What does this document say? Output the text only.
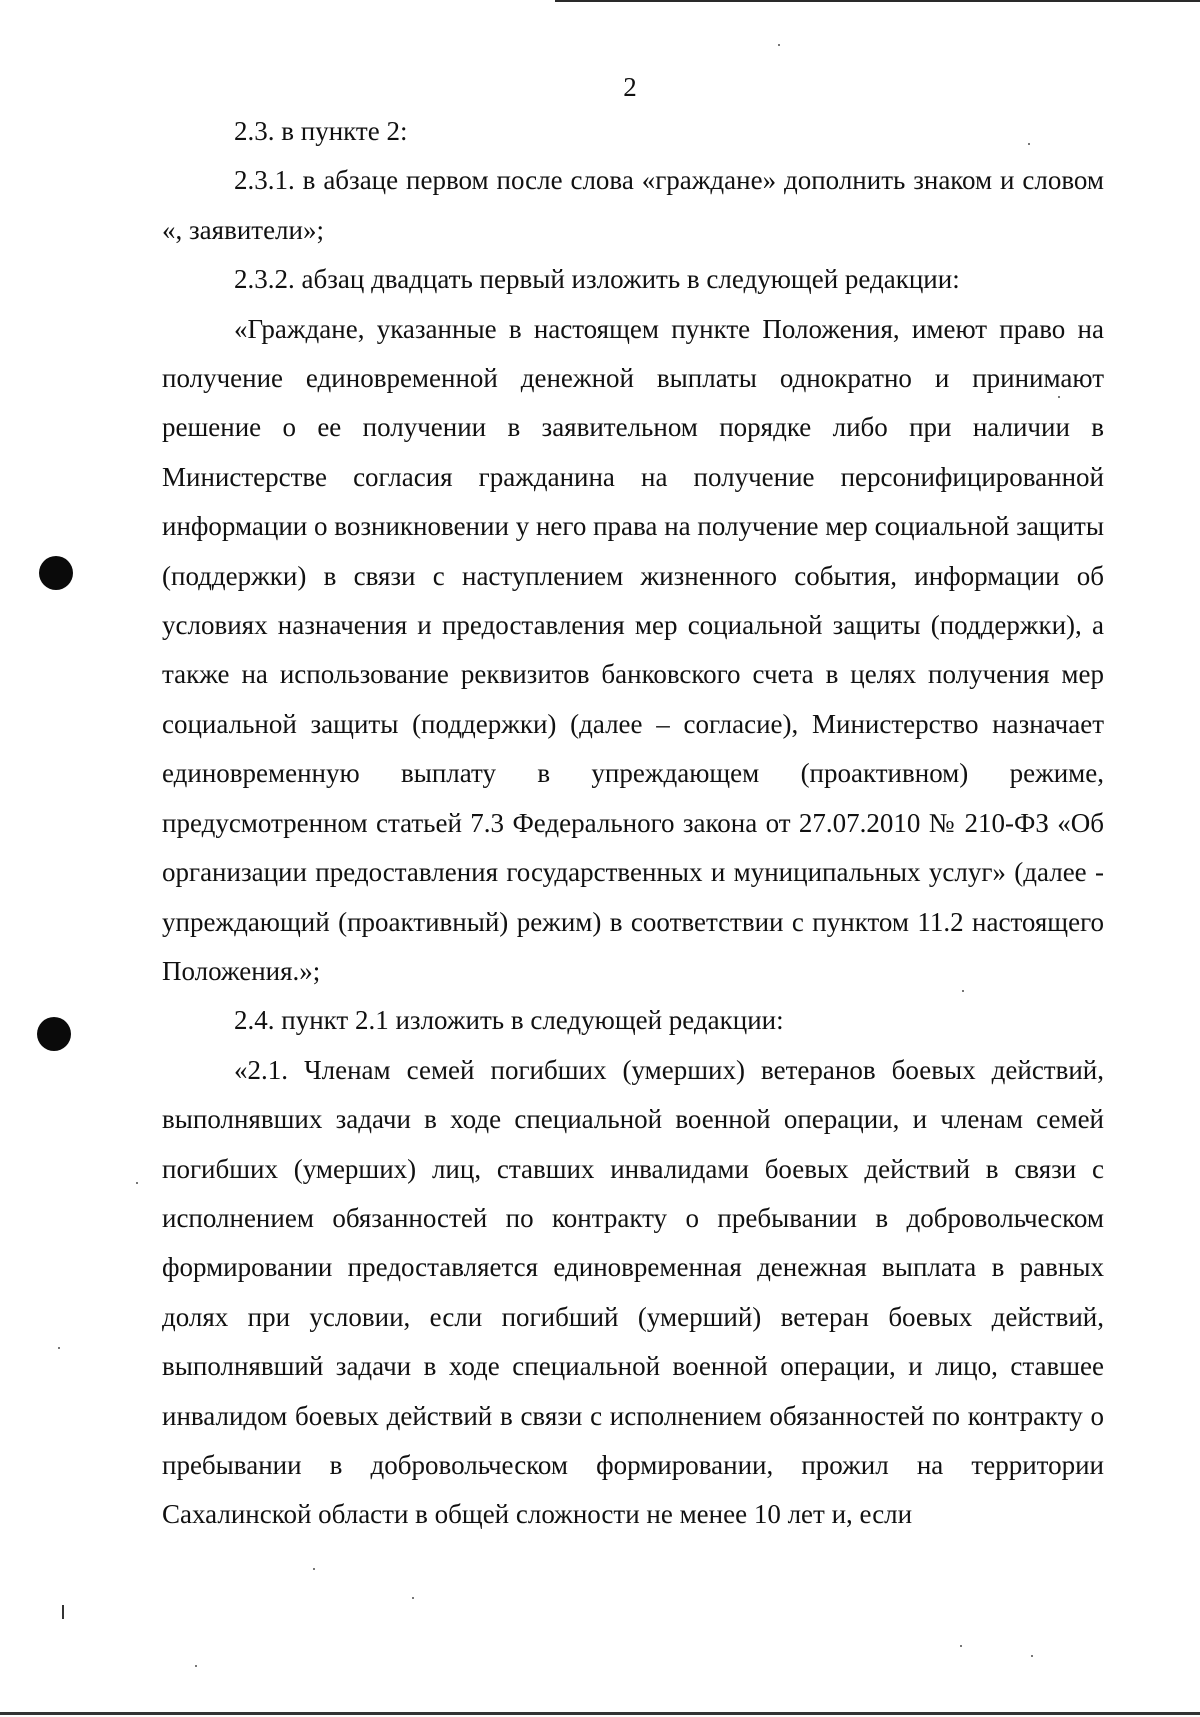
2

2.3. в пункте 2:

2.3.1. в абзаце первом после слова «граждане» дополнить знаком и словом «, заявители»;

2.3.2. абзац двадцать первый изложить в следующей редакции:

«Граждане, указанные в настоящем пункте Положения, имеют право на получение единовременной денежной выплаты однократно и принимают решение о ее получении в заявительном порядке либо при наличии в Министерстве согласия гражданина на получение персонифицированной информации о возникновении у него права на получение мер социальной защиты (поддержки) в связи с наступлением жизненного события, информации об условиях назначения и предоставления мер социальной защиты (поддержки), а также на использование реквизитов банковского счета в целях получения мер социальной защиты (поддержки) (далее – согласие), Министерство назначает единовременную выплату в упреждающем (проактивном) режиме, предусмотренном статьей 7.3 Федерального закона от 27.07.2010 № 210-ФЗ «Об организации предоставления государственных и муниципальных услуг» (далее - упреждающий (проактивный) режим) в соответствии с пунктом 11.2 настоящего Положения.»;

2.4. пункт 2.1 изложить в следующей редакции:

«2.1. Членам семей погибших (умерших) ветеранов боевых действий, выполнявших задачи в ходе специальной военной операции, и членам семей погибших (умерших) лиц, ставших инвалидами боевых действий в связи с исполнением обязанностей по контракту о пребывании в добровольческом формировании предоставляется единовременная денежная выплата в равных долях при условии, если погибший (умерший) ветеран боевых действий, выполнявший задачи в ходе специальной военной операции, и лицо, ставшее инвалидом боевых действий в связи с исполнением обязанностей по контракту о пребывании в добровольческом формировании, прожил на территории Сахалинской области в общей сложности не менее 10 лет и, если
